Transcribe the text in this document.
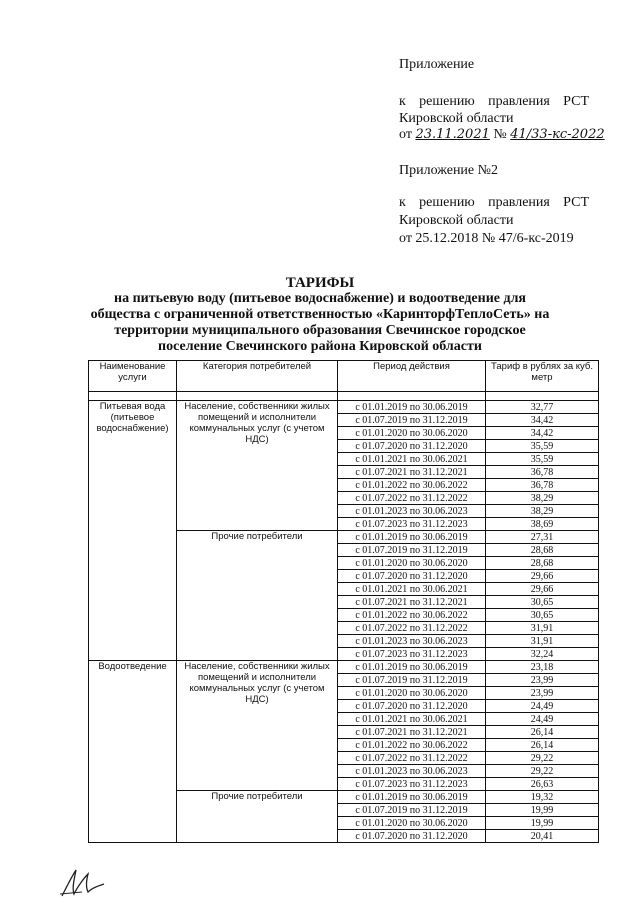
Приложение
к решению правления РСТ
Кировской области
от 23.11.2021 № 41/33-кс-2022
Приложение №2
к решению правления РСТ
Кировской области
от 25.12.2018 № 47/6-кс-2019
ТАРИФЫ
на питьевую воду (питьевое водоснабжение) и водоотведение для
общества с ограниченной ответственностью «КаринторфТеплоСеть» на
территории муниципального образования Свечинское городское
поселение Свечинского района Кировской области
Наименование услуги	Категория потребителей	Период действия	Тариф в рублях за куб. метр

Питьевая вода (питьевое водоснабжение)	Население, собственники жилых помещений и исполнители коммунальных услуг (с учетом НДС)	с 01.01.2019 по 30.06.2019	32,77
		с 01.07.2019 по 31.12.2019	34,42
		с 01.01.2020 по 30.06.2020	34,42
		с 01.07.2020 по 31.12.2020	35,59
		с 01.01.2021 по 30.06.2021	35,59
		с 01.07.2021 по 31.12.2021	36,78
		с 01.01.2022 по 30.06.2022	36,78
		с 01.07.2022 по 31.12.2022	38,29
		с 01.01.2023 по 30.06.2023	38,29
		с 01.07.2023 по 31.12.2023	38,69
	Прочие потребители	с 01.01.2019 по 30.06.2019	27,31
		с 01.07.2019 по 31.12.2019	28,68
		с 01.01.2020 по 30.06.2020	28,68
		с 01.07.2020 по 31.12.2020	29,66
		с 01.01.2021 по 30.06.2021	29,66
		с 01.07.2021 по 31.12.2021	30,65
		с 01.01.2022 по 30.06.2022	30,65
		с 01.07.2022 по 31.12.2022	31,91
		с 01.01.2023 по 30.06.2023	31,91
		с 01.07.2023 по 31.12.2023	32,24
Водоотведение	Население, собственники жилых помещений и исполнители коммунальных услуг (с учетом НДС)	с 01.01.2019 по 30.06.2019	23,18
		с 01.07.2019 по 31.12.2019	23,99
		с 01.01.2020 по 30.06.2020	23,99
		с 01.07.2020 по 31.12.2020	24,49
		с 01.01.2021 по 30.06.2021	24,49
		с 01.07.2021 по 31.12.2021	26,14
		с 01.01.2022 по 30.06.2022	26,14
		с 01.07.2022 по 31.12.2022	29,22
		с 01.01.2023 по 30.06.2023	29,22
		с 01.07.2023 по 31.12.2023	26,63
	Прочие потребители	с 01.01.2019 по 30.06.2019	19,32
		с 01.07.2019 по 31.12.2019	19,99
		с 01.01.2020 по 30.06.2020	19,99
		с 01.07.2020 по 31.12.2020	20,41
